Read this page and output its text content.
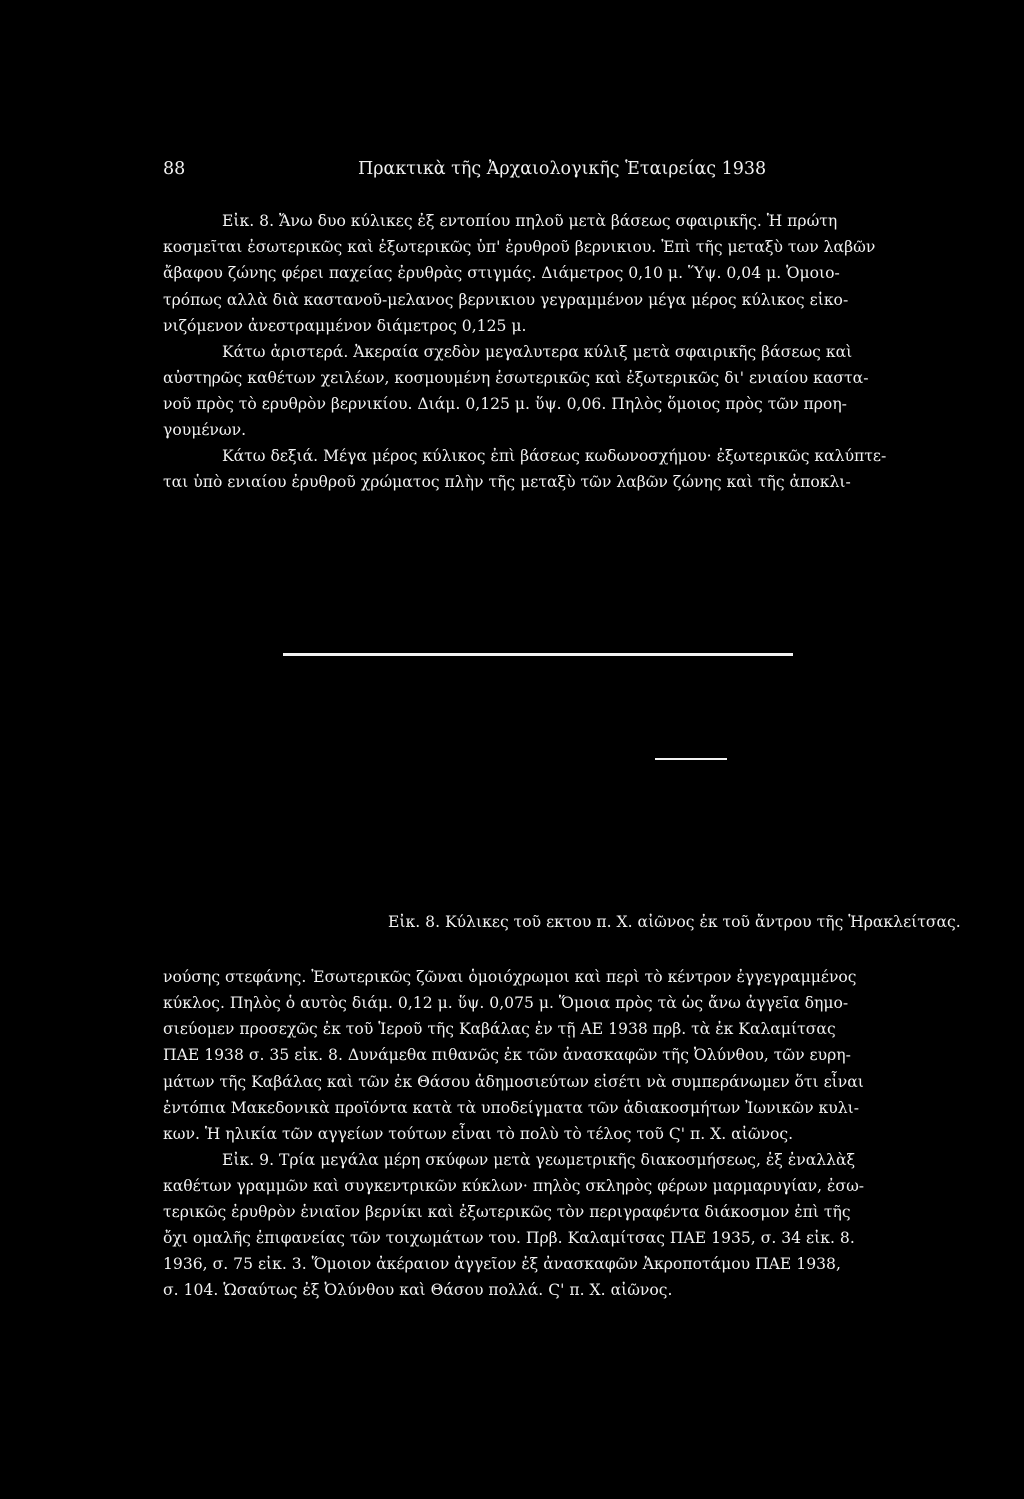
88	Πρακτικὰ τῆς Ἀρχαιολογικῆς Ἑταιρείας 1938
Εἰκ. 8. Ἄνω δυο κύλικες ἐξ εντοπίου πηλοῦ μετὰ βάσεως σφαιρικῆς. Ἡ πρώτη
κοσμεῖται ἐσωτερικῶς καὶ ἐξωτερικῶς ὑπ' ἐρυθροῦ βερνικιου. Ἐπὶ τῆς μεταξὺ των λαβῶν
ἄβαφου ζώνης φέρει παχείας ἐρυθρὰς στιγμάς. Διάμετρος 0,10 μ. Ὕψ. 0,04 μ. Ὁμοιο-
τρόπως αλλὰ διὰ καστανοῦ-μελανος βερνικιου γεγραμμένον μέγα μέρος κύλικος εἰκο-
νιζόμενον ἀνεστραμμένον διάμετρος 0,125 μ.
Κάτω ἀριστερά. Ἀκεραία σχεδὸν μεγαλυτερα κύλιξ μετὰ σφαιρικῆς βάσεως καὶ
αὐστηρῶς καθέτων χειλέων, κοσμουμένη ἐσωτερικῶς καὶ ἐξωτερικῶς δι' ενιαίου καστα-
νοῦ πρὸς τὸ ερυθρὸν βερνικίου. Διάμ. 0,125 μ. ὕψ. 0,06. Πηλὸς ὅμοιος πρὸς τῶν προη-
γουμένων.
Κάτω δεξιά. Μέγα μέρος κύλικος ἐπὶ βάσεως κωδωνοσχήμου· ἐξωτερικῶς καλύπτε-
ται ὑπὸ ενιαίου ἐρυθροῦ χρώματος πλὴν τῆς μεταξὺ τῶν λαβῶν ζώνης καὶ τῆς ἀποκλι-
Εἰκ. 8. Κύλικες τοῦ εκτου π. Χ. αἰῶνος ἐκ τοῦ ἄντρου τῆς Ἡρακλείτσας.
νούσης στεφάνης. Ἐσωτερικῶς ζῶναι ὁμοιόχρωμοι καὶ περὶ τὸ κέντρον ἐγγεγραμμένος
κύκλος. Πηλὸς ὁ αυτὸς διάμ. 0,12 μ. ὕψ. 0,075 μ. Ὅμοια πρὸς τὰ ὡς ἄνω ἀγγεῖα δημο-
σιεύομεν προσεχῶς ἐκ τοῦ Ἱεροῦ τῆς Καβάλας ἐν τῇ ΑΕ 1938 πρβ. τὰ ἐκ Καλαμίτσας
ΠΑΕ 1938 σ. 35 εἰκ. 8. Δυνάμεθα πιθανῶς ἐκ τῶν ἀνασκαφῶν τῆς Ὀλύνθου, τῶν ευρη-
μάτων τῆς Καβάλας καὶ τῶν ἐκ Θάσου ἀδημοσιεύτων εἰσέτι νὰ συμπεράνωμεν ὅτι εἶναι
ἐντόπια Μακεδονικὰ προϊόντα κατὰ τὰ υποδείγματα τῶν ἀδιακοσμήτων Ἰωνικῶν κυλι-
κων. Ἡ ηλικία τῶν αγγείων τούτων εἶναι τὸ πολὺ τὸ τέλος τοῦ Ϛ' π. Χ. αἰῶνος.
Εἰκ. 9. Τρία μεγάλα μέρη σκύφων μετὰ γεωμετρικῆς διακοσμήσεως, ἐξ ἐναλλὰξ
καθέτων γραμμῶν καὶ συγκεντρικῶν κύκλων· πηλὸς σκληρὸς φέρων μαρμαρυγίαν, ἐσω-
τερικῶς ἐρυθρὸν ἑνιαῖον βερνίκι καὶ ἐξωτερικῶς τὸν περιγραφέντα διάκοσμον ἐπὶ τῆς
ὄχι ομαλῆς ἐπιφανείας τῶν τοιχωμάτων του. Πρβ. Καλαμίτσας ΠΑΕ 1935, σ. 34 εἰκ. 8.
1936, σ. 75 εἰκ. 3. Ὅμοιον ἀκέραιον ἀγγεῖον ἐξ ἀνασκαφῶν Ἀκροποτάμου ΠΑΕ 1938,
σ. 104. Ὡσαύτως ἐξ Ὀλύνθου καὶ Θάσου πολλά. Ϛ' π. Χ. αἰῶνος.
